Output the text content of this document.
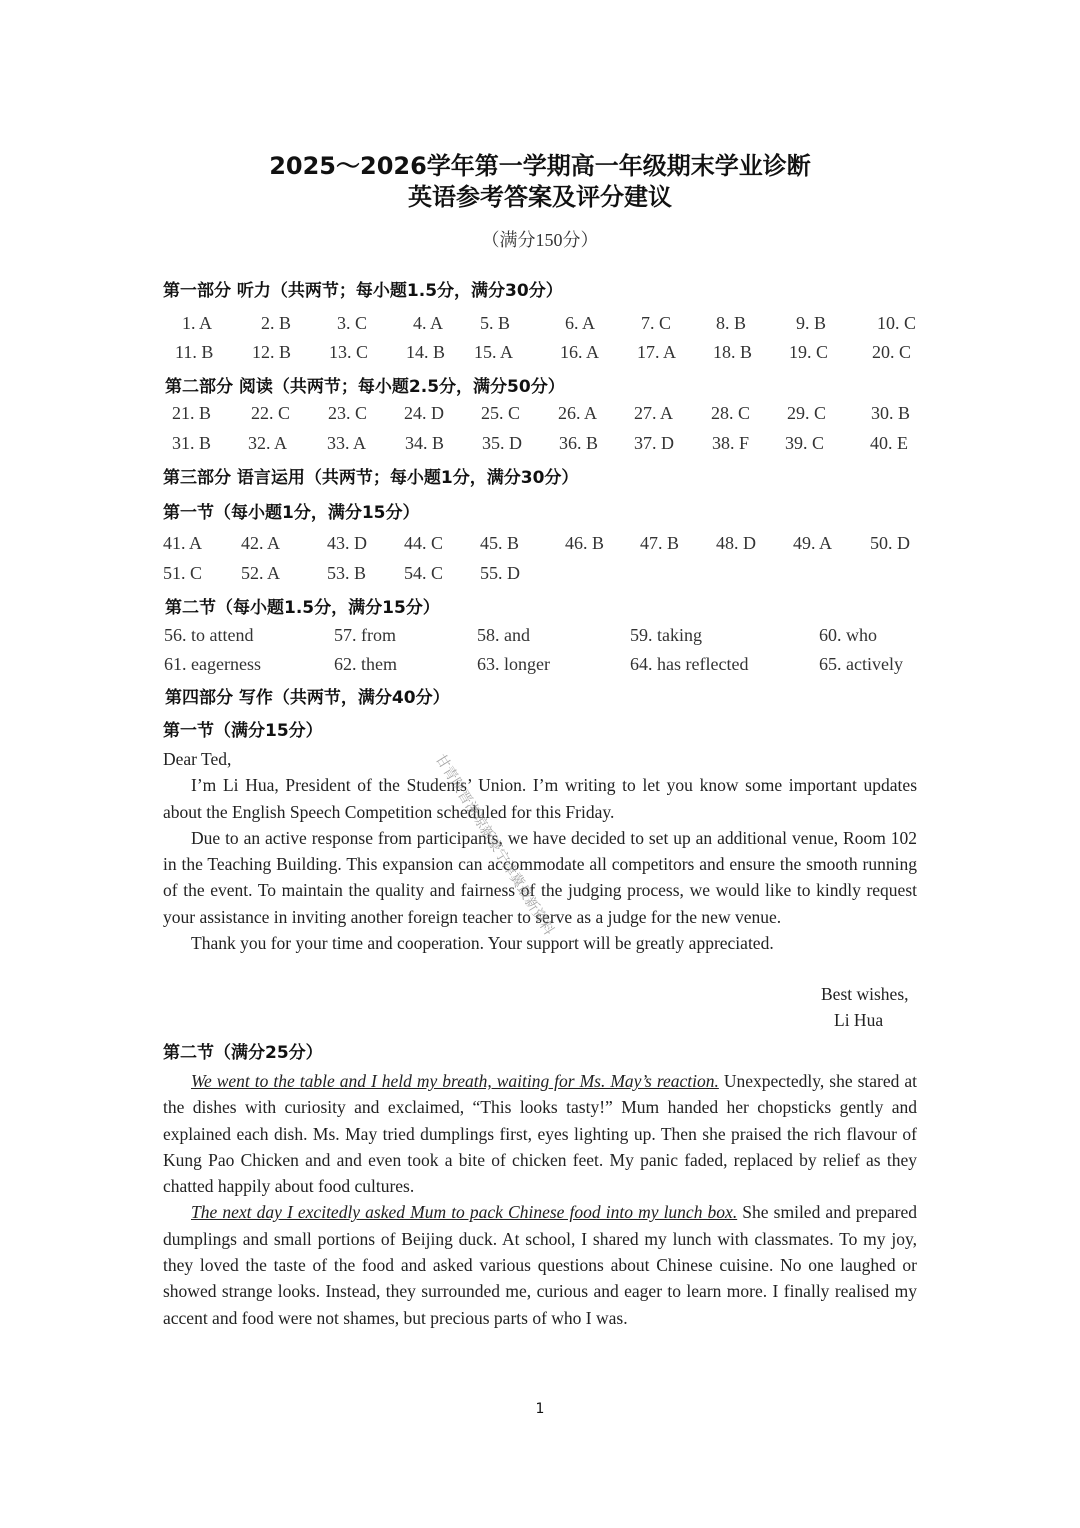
2025～2026学年第一学期高一年级期末学业诊断
英语参考答案及评分建议
（满分150分）
第一部分 听力（共两节；每小题1.5分，满分30分）
1. A	2. B	3. C	4. A 5. B	6. A	7. C 8. B	9. B	10. C
11. B 12. B 13. C 14. B 15. A	16. A 17. A 18. B 19. C 20. C
第二部分 阅读（共两节；每小题2.5分，满分50分）
21. B 22. C 23. C 24. D 25. C 26. A 27. A 28. C 29. C 30. B
31. B 32. A 33. A 34. B 35. D 36. B 37. D 38. F 39. C	40. E
第三部分 语言运用（共两节；每小题1分，满分30分）
第一节（每小题1分，满分15分）
41. A 42. A	43. D 44. C 45. B	46. B 47. B 48. D 49. A 50. D
51. C 52. A	53. B 54. C 55. D
第二节（每小题1.5分，满分15分）
56. to attend	57. from	58. and	59. taking	60. who
61. eagerness	62. them	63. longer	64. has reflected	65. actively
第四部分 写作（共两节，满分40分）
第一节（满分15分）

Dear Ted,

I’m Li Hua, President of the Students’ Union. I’m writing to let you know some important updates about the English Speech Competition scheduled for this Friday.

Due to an active response from participants, we have decided to set up an additional venue, Room 102 in the Teaching Building. This expansion can accommodate all competitors and ensure the smooth running of the event. To maintain the quality and fairness of the judging process, we would like to kindly request your assistance in inviting another foreign teacher to serve as a judge for the new venue.

Thank you for your time and cooperation. Your support will be greatly appreciated.

Best wishes,
Li Hua
第二节（满分25分）

We went to the table and I held my breath, waiting for Ms. May’s reaction. Unexpectedly, she stared at the dishes with curiosity and exclaimed, “This looks tasty!” Mum handed her chopsticks gently and explained each dish. Ms. May tried dumplings first, eyes lighting up. Then she praised the rich flavour of Kung Pao Chicken and and even took a bite of chicken feet. My panic faded, replaced by relief as they chatted happily about food cultures.

The next day I excitedly asked Mum to pack Chinese food into my lunch box. She smiled and prepared dumplings and small portions of Beijing duck. At school, I shared my lunch with classmates. To my joy, they loved the taste of the food and asked various questions about Chinese cuisine. No one laughed or showed strange looks. Instead, they surrounded me, curious and eager to learn more. I finally realised my accent and food were not shames, but precious parts of who I was.

甘青陕晋浙琼新豪宁津冀最新资料
1
